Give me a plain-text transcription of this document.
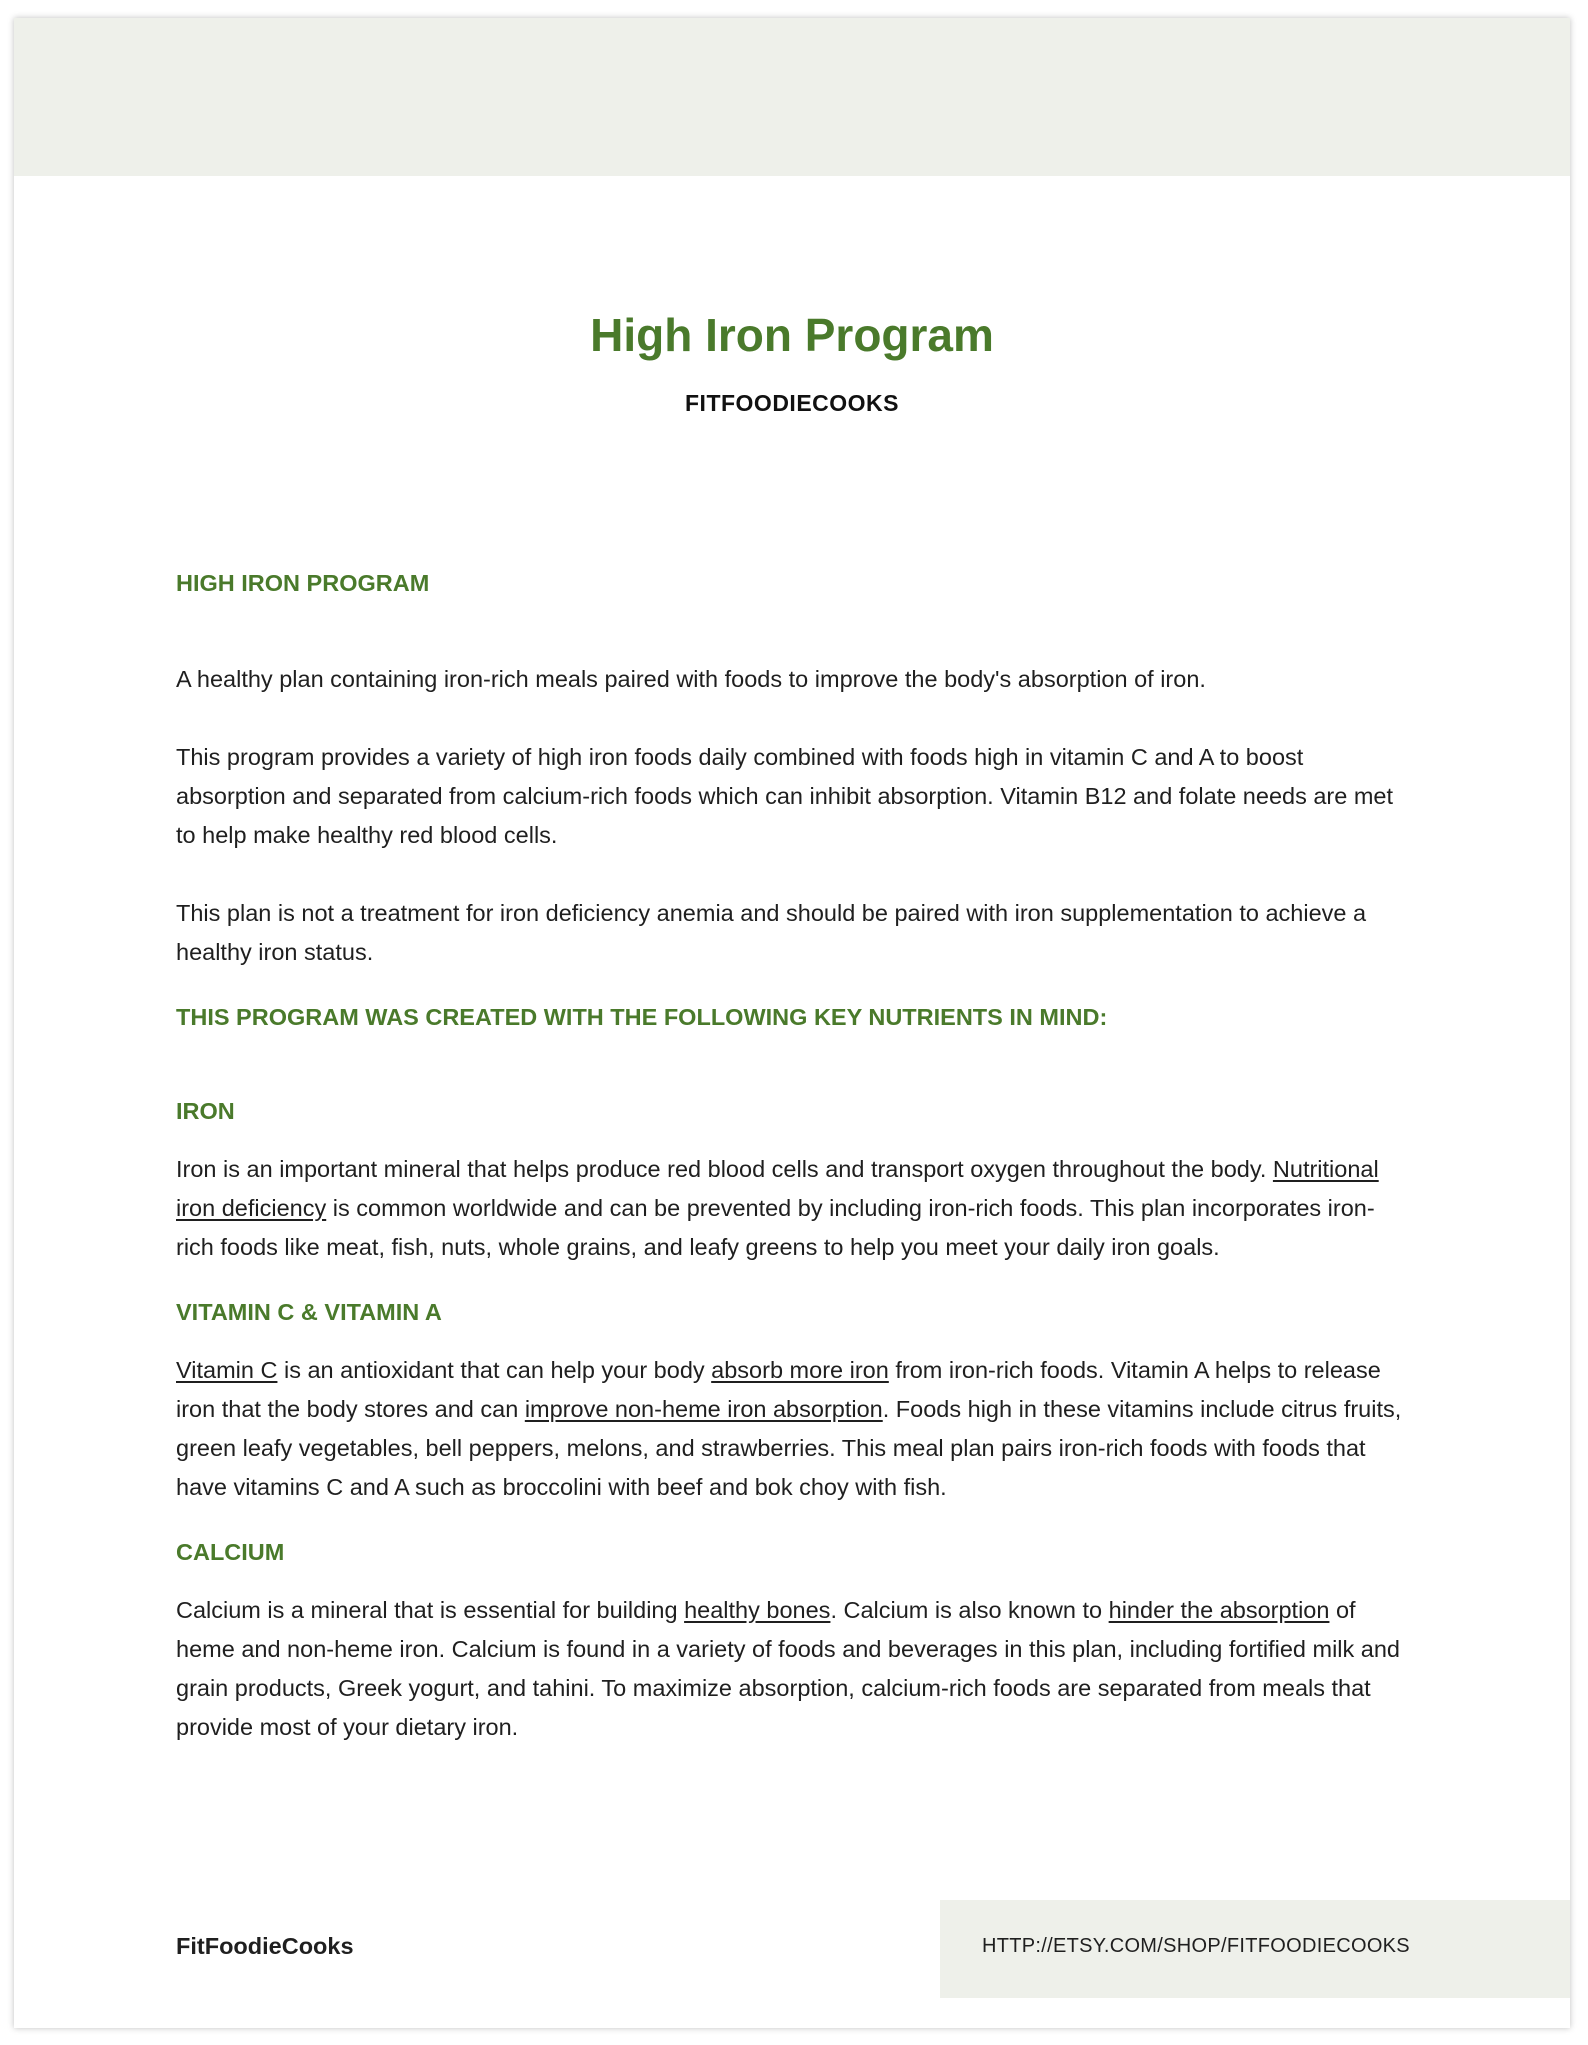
High Iron Program
FITFOODIECOOKS
HIGH IRON PROGRAM

A healthy plan containing iron-rich meals paired with foods to improve the body's absorption of iron.

This program provides a variety of high iron foods daily combined with foods high in vitamin C and A to boost absorption and separated from calcium-rich foods which can inhibit absorption. Vitamin B12 and folate needs are met to help make healthy red blood cells.

This plan is not a treatment for iron deficiency anemia and should be paired with iron supplementation to achieve a healthy iron status.

THIS PROGRAM WAS CREATED WITH THE FOLLOWING KEY NUTRIENTS IN MIND:
IRON

Iron is an important mineral that helps produce red blood cells and transport oxygen throughout the body. Nutritional iron deficiency is common worldwide and can be prevented by including iron-rich foods. This plan incorporates iron-rich foods like meat, fish, nuts, whole grains, and leafy greens to help you meet your daily iron goals.

VITAMIN C & VITAMIN A

Vitamin C is an antioxidant that can help your body absorb more iron from iron-rich foods. Vitamin A helps to release iron that the body stores and can improve non-heme iron absorption. Foods high in these vitamins include citrus fruits, green leafy vegetables, bell peppers, melons, and strawberries. This meal plan pairs iron-rich foods with foods that have vitamins C and A such as broccolini with beef and bok choy with fish.

CALCIUM

Calcium is a mineral that is essential for building healthy bones. Calcium is also known to hinder the absorption of heme and non-heme iron. Calcium is found in a variety of foods and beverages in this plan, including fortified milk and grain products, Greek yogurt, and tahini. To maximize absorption, calcium-rich foods are separated from meals that provide most of your dietary iron.

FitFoodieCooks	HTTP://ETSY.COM/SHOP/FITFOODIECOOKS
